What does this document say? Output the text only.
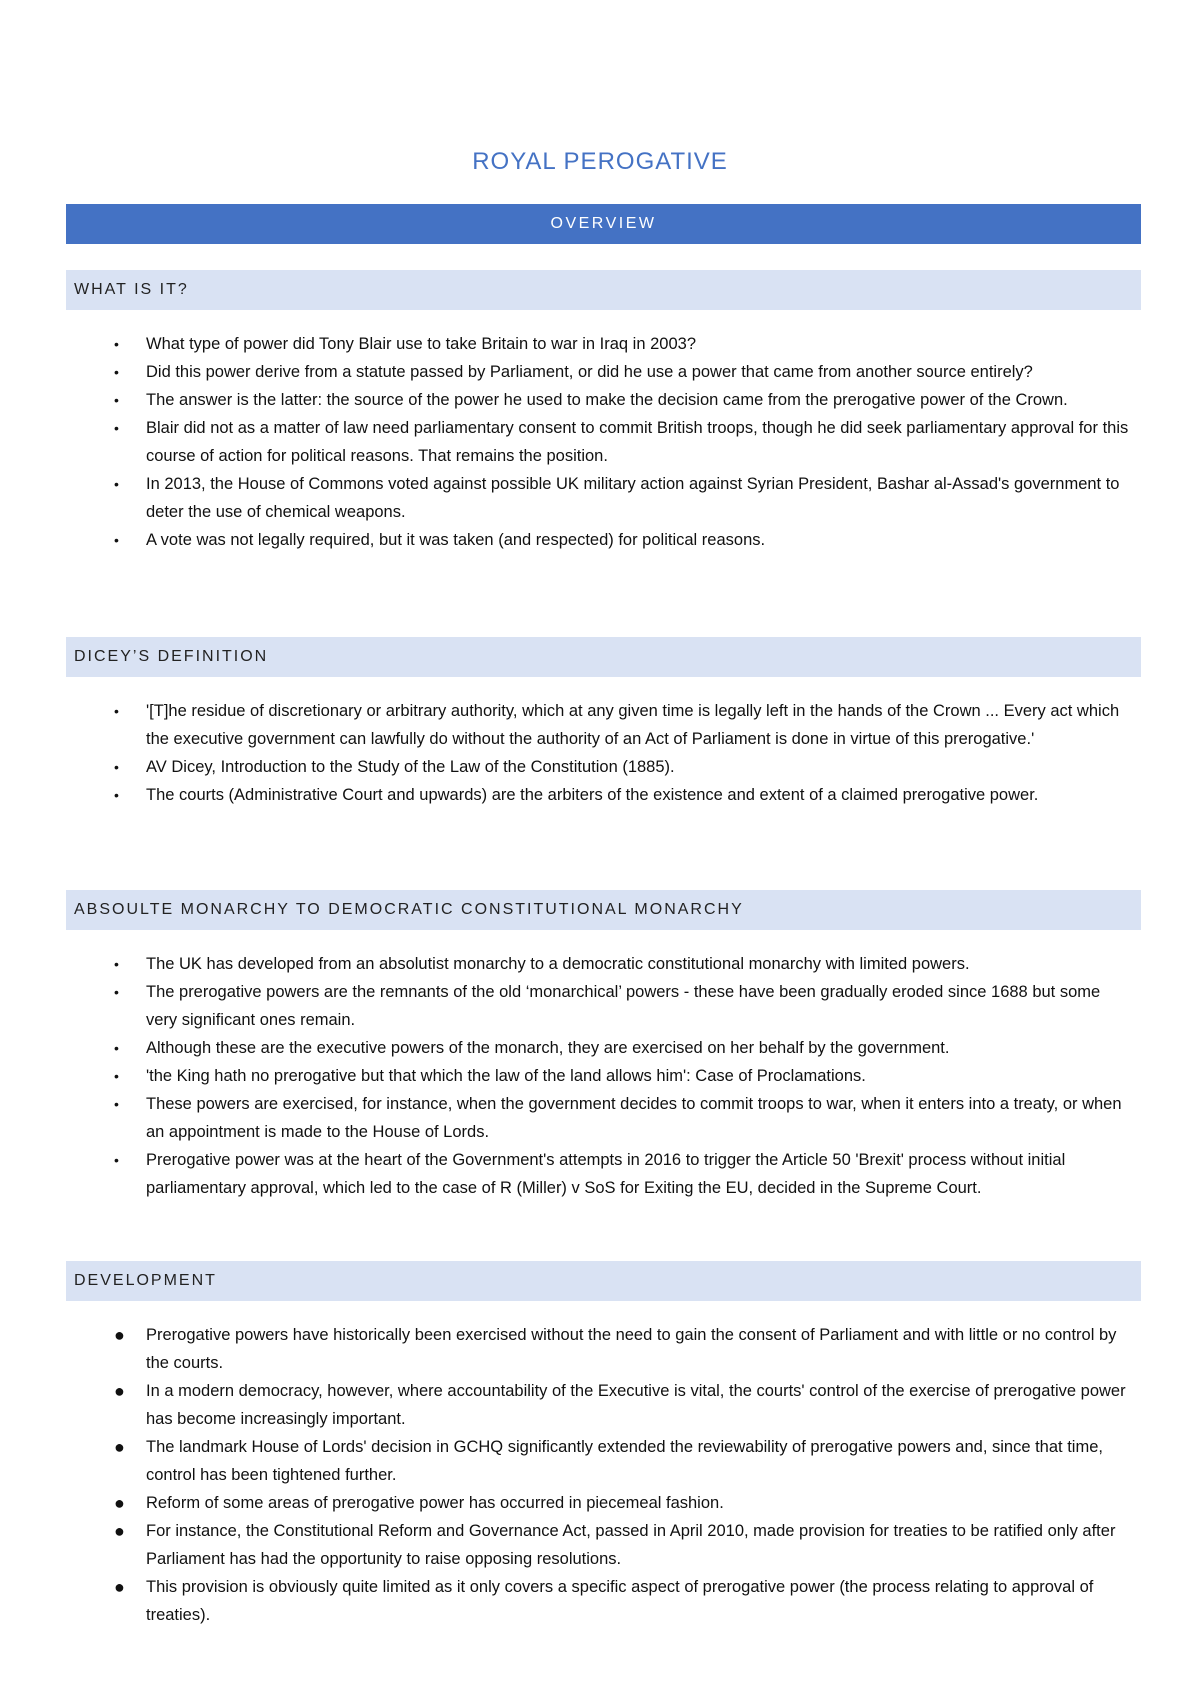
ROYAL PEROGATIVE
OVERVIEW
WHAT IS IT?
• What type of power did Tony Blair use to take Britain to war in Iraq in 2003?
• Did this power derive from a statute passed by Parliament, or did he use a power that came from another source entirely?
• The answer is the latter: the source of the power he used to make the decision came from the prerogative power of the Crown.
• Blair did not as a matter of law need parliamentary consent to commit British troops, though he did seek parliamentary approval for this course of action for political reasons. That remains the position.
• In 2013, the House of Commons voted against possible UK military action against Syrian President, Bashar al-Assad's government to deter the use of chemical weapons.
• A vote was not legally required, but it was taken (and respected) for political reasons.
DICEY’S DEFINITION
• '[T]he residue of discretionary or arbitrary authority, which at any given time is legally left in the hands of the Crown ... Every act which the executive government can lawfully do without the authority of an Act of Parliament is done in virtue of this prerogative.'
• AV Dicey, Introduction to the Study of the Law of the Constitution (1885).
• The courts (Administrative Court and upwards) are the arbiters of the existence and extent of a claimed prerogative power.
ABSOULTE MONARCHY TO DEMOCRATIC CONSTITUTIONAL MONARCHY
• The UK has developed from an absolutist monarchy to a democratic constitutional monarchy with limited powers.
• The prerogative powers are the remnants of the old ‘monarchical’ powers - these have been gradually eroded since 1688 but some very significant ones remain.
• Although these are the executive powers of the monarch, they are exercised on her behalf by the government.
• 'the King hath no prerogative but that which the law of the land allows him': Case of Proclamations.
• These powers are exercised, for instance, when the government decides to commit troops to war, when it enters into a treaty, or when an appointment is made to the House of Lords.
• Prerogative power was at the heart of the Government's attempts in 2016 to trigger the Article 50 'Brexit' process without initial parliamentary approval, which led to the case of R (Miller) v SoS for Exiting the EU, decided in the Supreme Court.
DEVELOPMENT
● Prerogative powers have historically been exercised without the need to gain the consent of Parliament and with little or no control by the courts.
● In a modern democracy, however, where accountability of the Executive is vital, the courts' control of the exercise of prerogative power has become increasingly important.
● The landmark House of Lords' decision in GCHQ significantly extended the reviewability of prerogative powers and, since that time, control has been tightened further.
● Reform of some areas of prerogative power has occurred in piecemeal fashion.
● For instance, the Constitutional Reform and Governance Act, passed in April 2010, made provision for treaties to be ratified only after Parliament has had the opportunity to raise opposing resolutions.
● This provision is obviously quite limited as it only covers a specific aspect of prerogative power (the process relating to approval of treaties).
